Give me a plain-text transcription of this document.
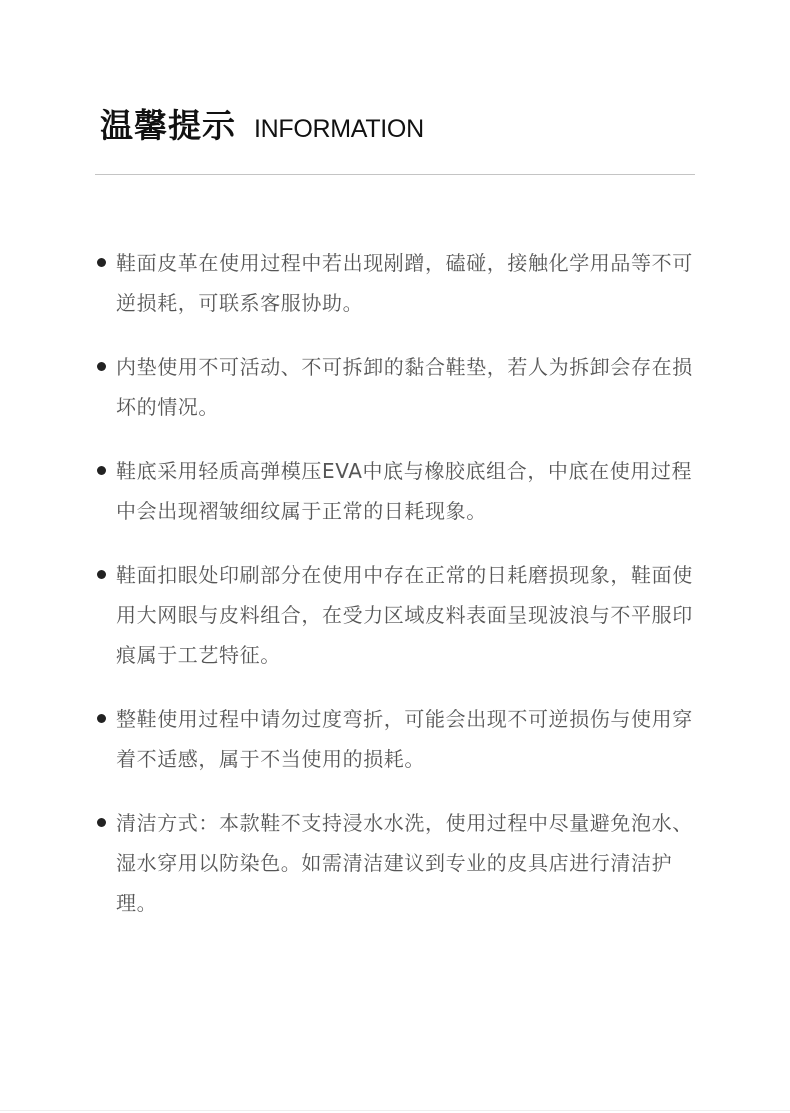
温馨提示 INFORMATION
鞋面皮革在使用过程中若出现剐蹭，磕碰，接触化学用品等不可逆损耗，可联系客服协助。
内垫使用不可活动、不可拆卸的黏合鞋垫，若人为拆卸会存在损坏的情况。
鞋底采用轻质高弹模压EVA中底与橡胶底组合，中底在使用过程中会出现褶皱细纹属于正常的日耗现象。
鞋面扣眼处印刷部分在使用中存在正常的日耗磨损现象，鞋面使用大网眼与皮料组合，在受力区域皮料表面呈现波浪与不平服印痕属于工艺特征。
整鞋使用过程中请勿过度弯折，可能会出现不可逆损伤与使用穿着不适感，属于不当使用的损耗。
清洁方式：本款鞋不支持浸水水洗，使用过程中尽量避免泡水、湿水穿用以防染色。如需清洁建议到专业的皮具店进行清洁护理。
